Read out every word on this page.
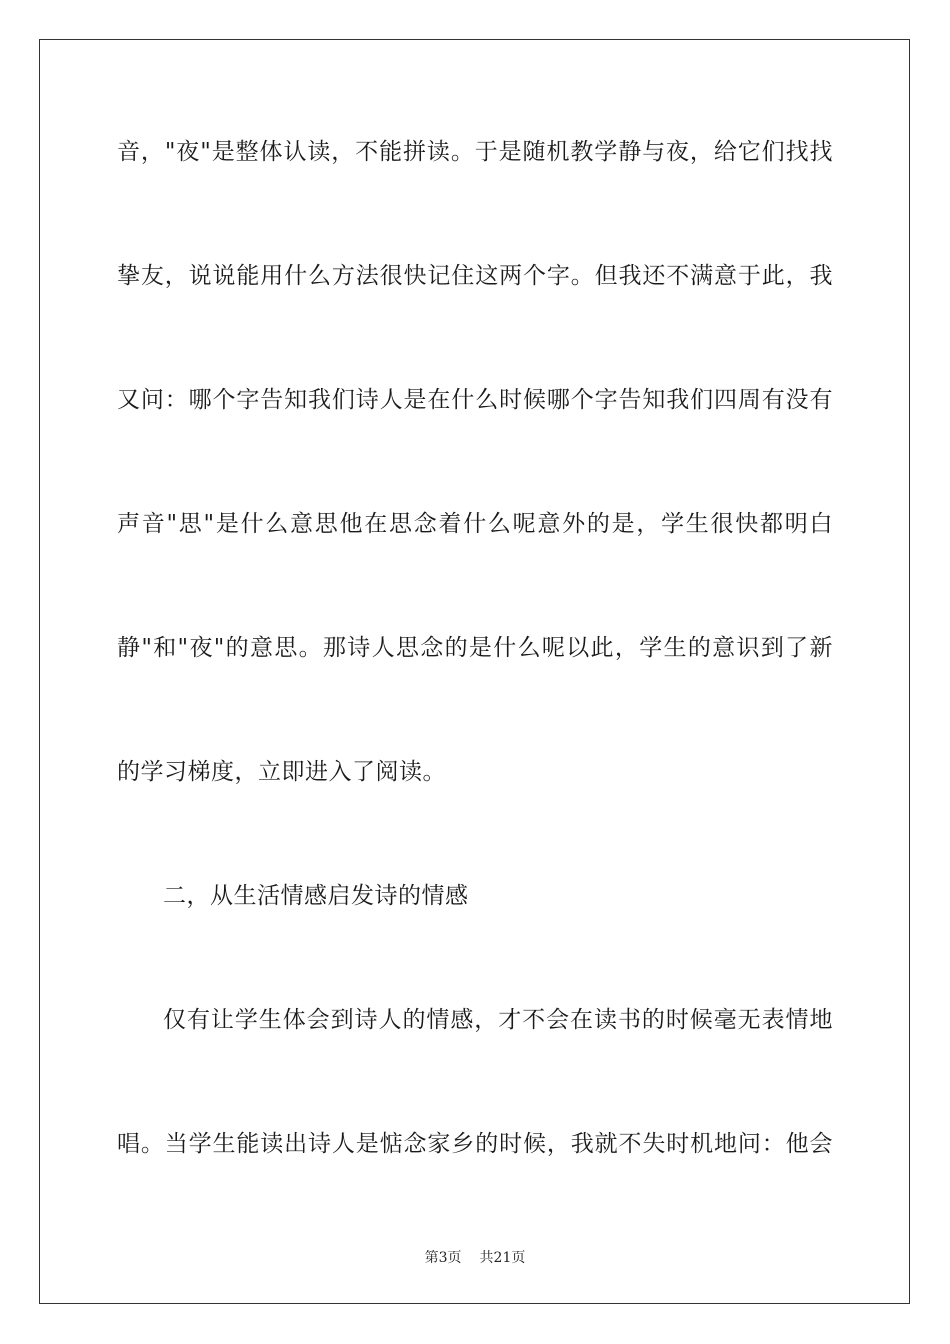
音，"夜"是整体认读，不能拼读。于是随机教学静与夜，给它们找找
挚友，说说能用什么方法很快记住这两个字。但我还不满意于此，我
又问：哪个字告知我们诗人是在什么时候哪个字告知我们四周有没有
声音"思"是什么意思他在思念着什么呢意外的是，学生很快都明白
静"和"夜"的意思。那诗人思念的是什么呢以此，学生的意识到了新
的学习梯度，立即进入了阅读。
二，从生活情感启发诗的情感
仅有让学生体会到诗人的情感，才不会在读书的时候毫无表情地
唱。当学生能读出诗人是惦念家乡的时候，我就不失时机地问：他会
第3页 共21页
